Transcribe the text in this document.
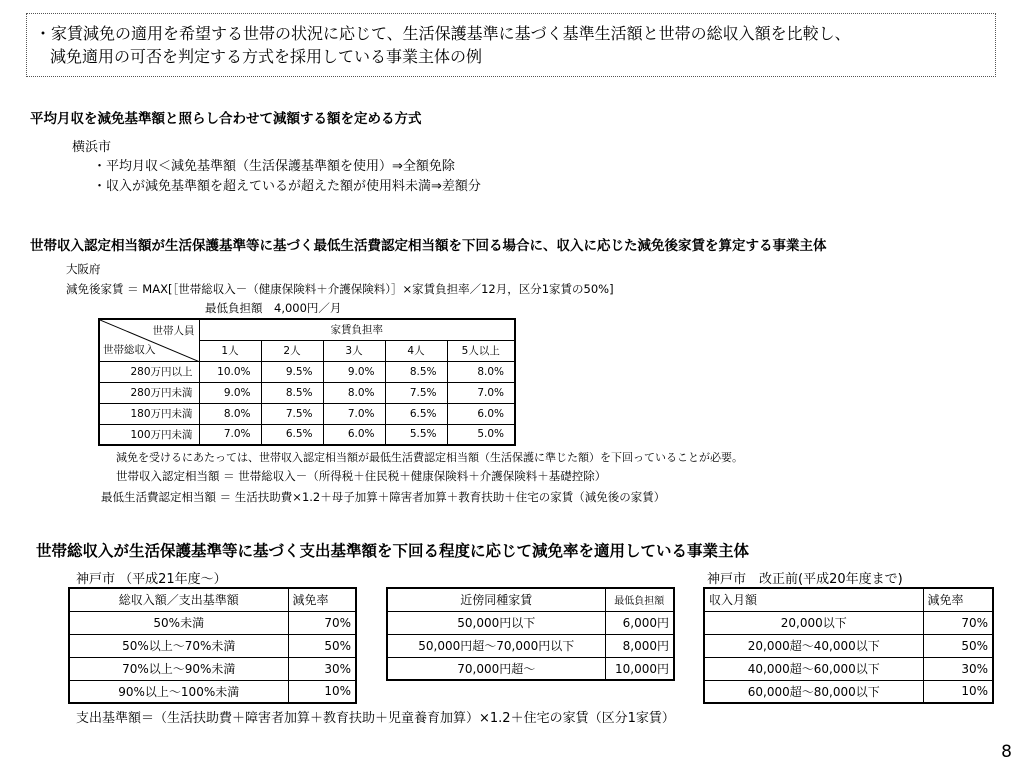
・家賃減免の適用を希望する世帯の状況に応じて、生活保護基準に基づく基準生活額と世帯の総収入額を比較し、
減免適用の可否を判定する方式を採用している事業主体の例
平均月収を減免基準額と照らし合わせて減額する額を定める方式
横浜市
・平均月収＜減免基準額（生活保護基準額を使用）⇒全額免除
・収入が減免基準額を超えているが超えた額が使用料未満⇒差額分
世帯収入認定相当額が生活保護基準等に基づく最低生活費認定相当額を下回る場合に、収入に応じた減免後家賃を算定する事業主体
大阪府
減免後家賃 ＝ MAX[［世帯総収入－（健康保険料＋介護保険料）］×家賃負担率／12月，区分1家賃の50%]
最低負担額　4,000円／月
世帯人員
世帯総収入	家賃負担率				
	1人	2人	3人	4人	5人以上
280万円以上	10.0%	9.5%	9.0%	8.5%	8.0%
280万円未満	9.0%	8.5%	8.0%	7.5%	7.0%
180万円未満	8.0%	7.5%	7.0%	6.5%	6.0%
100万円未満	7.0%	6.5%	6.0%	5.5%	5.0%
減免を受けるにあたっては、世帯収入認定相当額が最低生活費認定相当額（生活保護に準じた額）を下回っていることが必要。
世帯収入認定相当額 ＝ 世帯総収入－（所得税＋住民税＋健康保険料＋介護保険料＋基礎控除）
最低生活費認定相当額 ＝ 生活扶助費×1.2＋母子加算＋障害者加算＋教育扶助＋住宅の家賃（減免後の家賃）
世帯総収入が生活保護基準等に基づく支出基準額を下回る程度に応じて減免率を適用している事業主体
神戸市 （平成21年度～）	神戸市　改正前(平成20年度まで)
総収入額／支出基準額	減免率
50%未満	70%
50%以上～70%未満	50%
70%以上～90%未満	30%
90%以上～100%未満	10%
近傍同種家賃	最低負担額
50,000円以下	6,000円
50,000円超～70,000円以下	8,000円
70,000円超～	10,000円
収入月額	減免率
20,000以下	70%
20,000超～40,000以下	50%
40,000超～60,000以下	30%
60,000超～80,000以下	10%
支出基準額＝（生活扶助費＋障害者加算＋教育扶助＋児童養育加算）×1.2＋住宅の家賃（区分1家賃）
8
